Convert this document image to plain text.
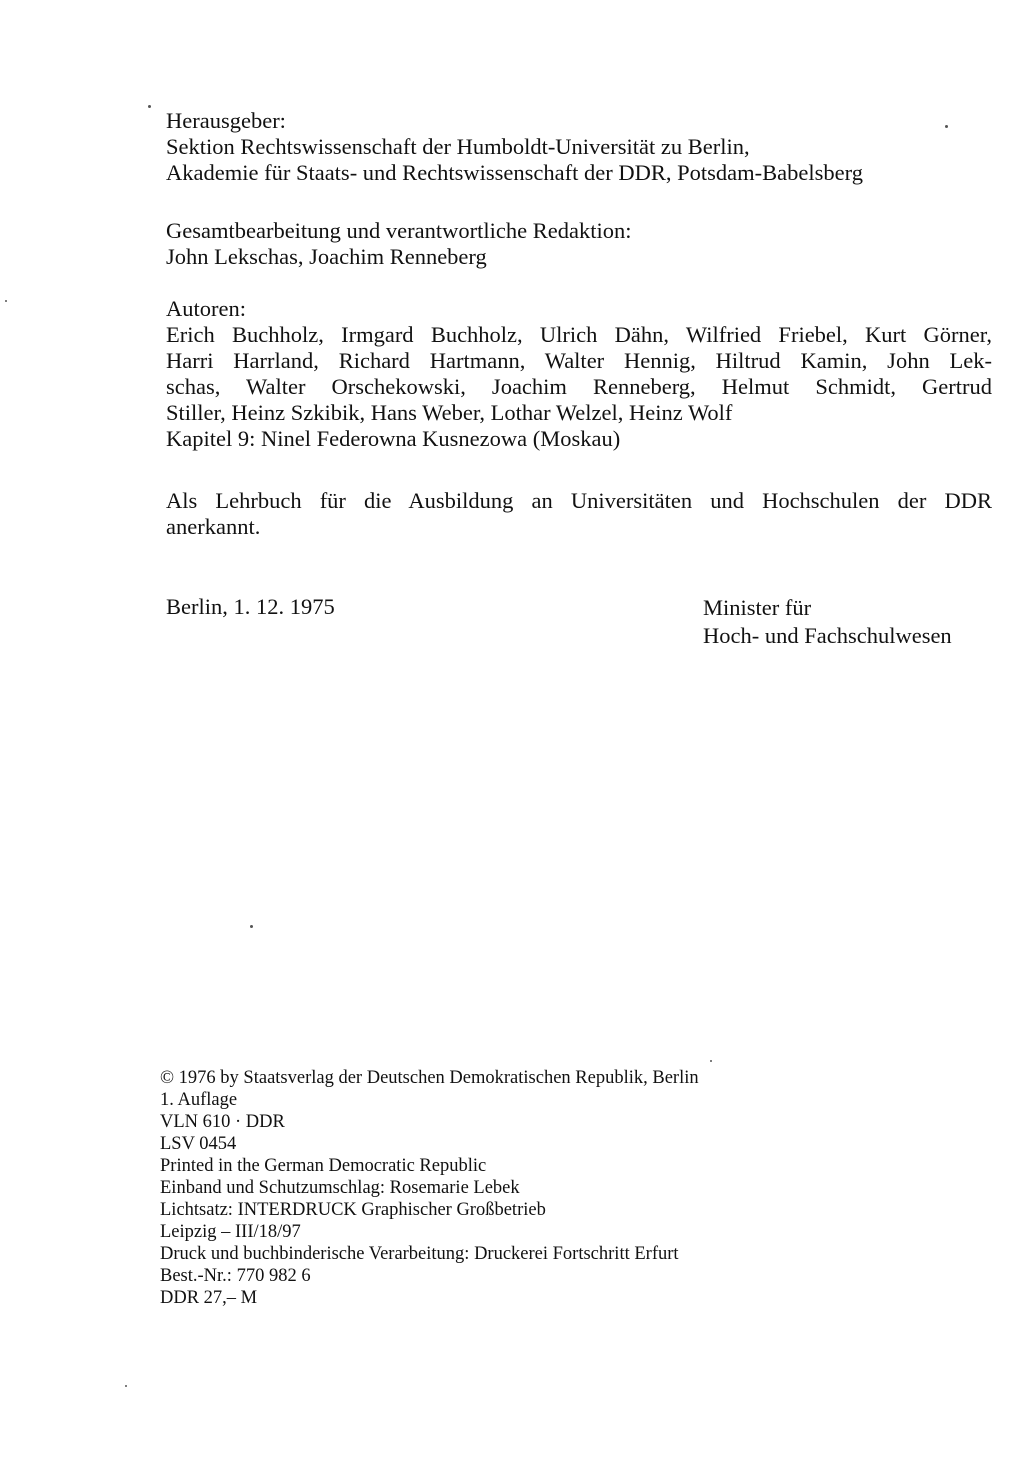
Herausgeber:
Sektion Rechtswissenschaft der Humboldt-Universität zu Berlin,
Akademie für Staats- und Rechtswissenschaft der DDR, Potsdam-Babelsberg
Gesamtbearbeitung und verantwortliche Redaktion:
John Lekschas, Joachim Renneberg
Autoren:
Erich Buchholz, Irmgard Buchholz, Ulrich Dähn, Wilfried Friebel, Kurt Görner,
Harri Harrland, Richard Hartmann, Walter Hennig, Hiltrud Kamin, John Lek-
schas, Walter Orschekowski, Joachim Renneberg, Helmut Schmidt, Gertrud
Stiller, Heinz Szkibik, Hans Weber, Lothar Welzel, Heinz Wolf
Kapitel 9: Ninel Federowna Kusnezowa (Moskau)
Als Lehrbuch für die Ausbildung an Universitäten und Hochschulen der DDR
anerkannt.
Berlin, 1. 12. 1975	Minister für
Hoch- und Fachschulwesen
© 1976 by Staatsverlag der Deutschen Demokratischen Republik, Berlin
1. Auflage
VLN 610 · DDR
LSV 0454
Printed in the German Democratic Republic
Einband und Schutzumschlag: Rosemarie Lebek
Lichtsatz: INTERDRUCK Graphischer Großbetrieb
Leipzig – III/18/97
Druck und buchbinderische Verarbeitung: Druckerei Fortschritt Erfurt
Best.-Nr.: 770 982 6
DDR 27,– M
